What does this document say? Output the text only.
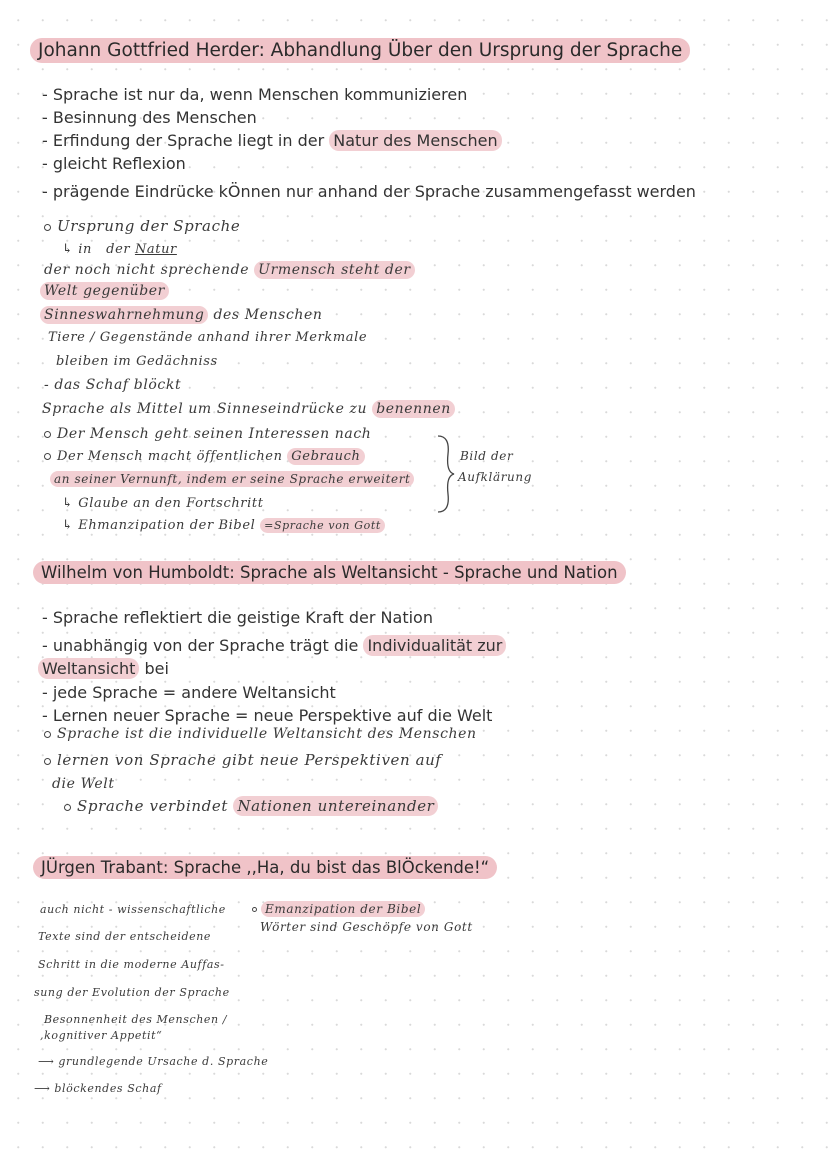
Johann Gottfried Herder: Abhandlung Über den Ursprung der Sprache
- Sprache ist nur da, wenn Menschen kommunizieren
- Besinnung des Menschen
- Erfindung der Sprache liegt in der Natur des Menschen
- gleicht Reflexion
- prägende Eindrücke kÖnnen nur anhand der Sprache zusammengefasst werden
Ursprung der Sprache
↳ in der Natur
der noch nicht sprechende Urmensch steht der
Welt gegenüber
Sinneswahrnehmung des Menschen
Tiere / Gegenstände anhand ihrer Merkmale
bleiben im Gedächniss
- das Schaf blöckt
Sprache als Mittel um Sinneseindrücke zu benennen
Der Mensch geht seinen Interessen nach
Der Mensch macht öffentlichen Gebrauch
an seiner Vernunft, indem er seine Sprache erweitert
↳ Glaube an den Fortschritt
↳ Ehmanzipation der Bibel =Sprache von Gott
Bild der
Aufklärung
Wilhelm von Humboldt: Sprache als Weltansicht - Sprache und Nation
- Sprache reflektiert die geistige Kraft der Nation
- unabhängig von der Sprache trägt die Individualität zur
Weltansicht bei
- jede Sprache = andere Weltansicht
- Lernen neuer Sprache = neue Perspektive auf die Welt
Sprache ist die individuelle Weltansicht des Menschen
lernen von Sprache gibt neue Perspektiven auf
die Welt
Sprache verbindet Nationen untereinander
JÜrgen Trabant: Sprache ,,Ha, du bist das BlÖckende!“
auch nicht - wissenschaftliche
Texte sind der entscheidene
Schritt in die moderne Auffas-
sung der Evolution der Sprache
Besonnenheit des Menschen /
,kognitiver Appetit“
⟶ grundlegende Ursache d. Sprache
⟶ blöckendes Schaf
Emanzipation der Bibel
Wörter sind Geschöpfe von Gott
